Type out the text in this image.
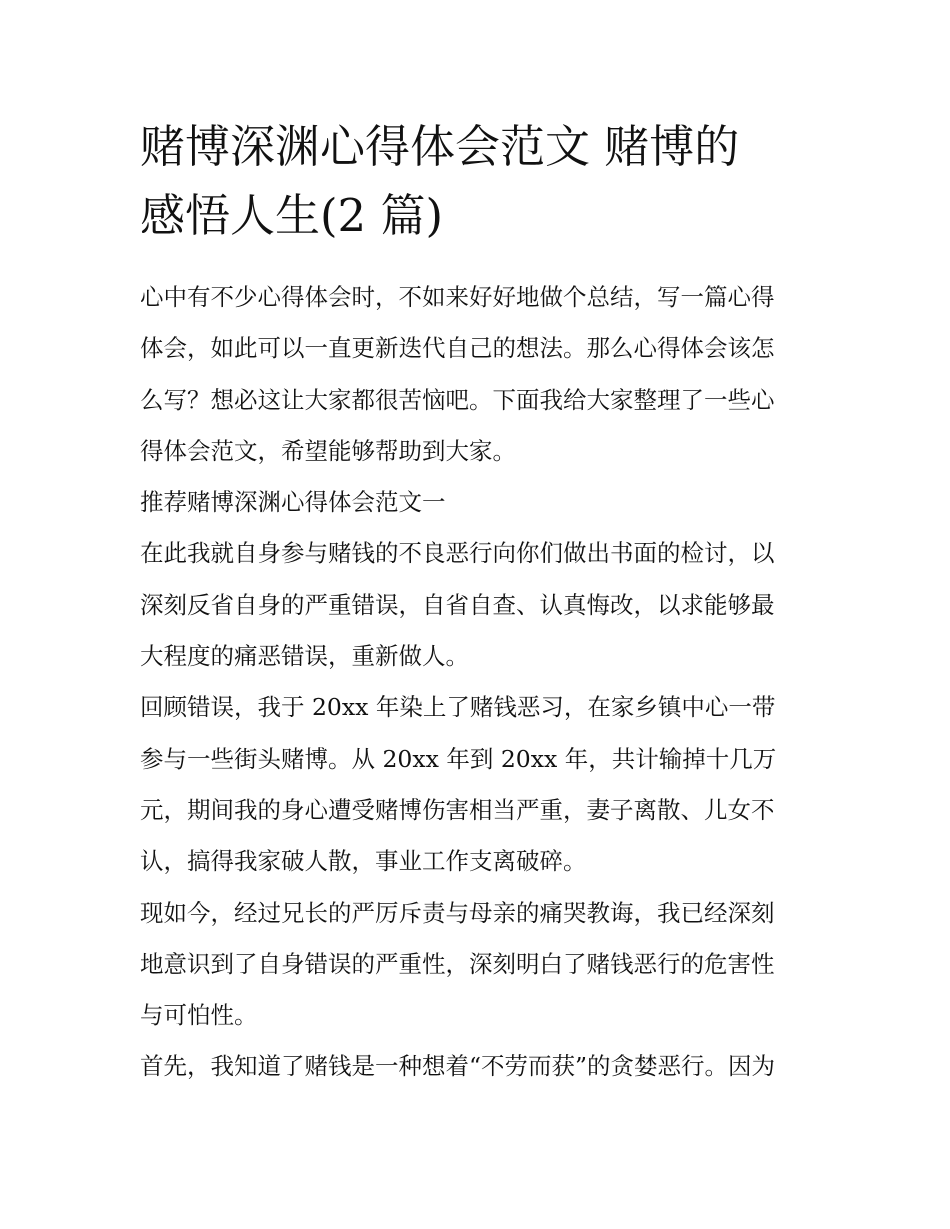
赌博深渊心得体会范文 赌博的
感悟人生(2 篇)
心中有不少心得体会时，不如来好好地做个总结，写一篇心得
体会，如此可以一直更新迭代自己的想法。那么心得体会该怎
么写？想必这让大家都很苦恼吧。下面我给大家整理了一些心
得体会范文，希望能够帮助到大家。
推荐赌博深渊心得体会范文一
在此我就自身参与赌钱的不良恶行向你们做出书面的检讨，以
深刻反省自身的严重错误，自省自查、认真悔改，以求能够最
大程度的痛恶错误，重新做人。
回顾错误，我于 20xx 年染上了赌钱恶习，在家乡镇中心一带
参与一些街头赌博。从 20xx 年到 20xx 年，共计输掉十几万
元，期间我的身心遭受赌博伤害相当严重，妻子离散、儿女不
认，搞得我家破人散，事业工作支离破碎。
现如今，经过兄长的严厉斥责与母亲的痛哭教诲，我已经深刻
地意识到了自身错误的严重性，深刻明白了赌钱恶行的危害性
与可怕性。
首先，我知道了赌钱是一种想着“不劳而获”的贪婪恶行。因为
